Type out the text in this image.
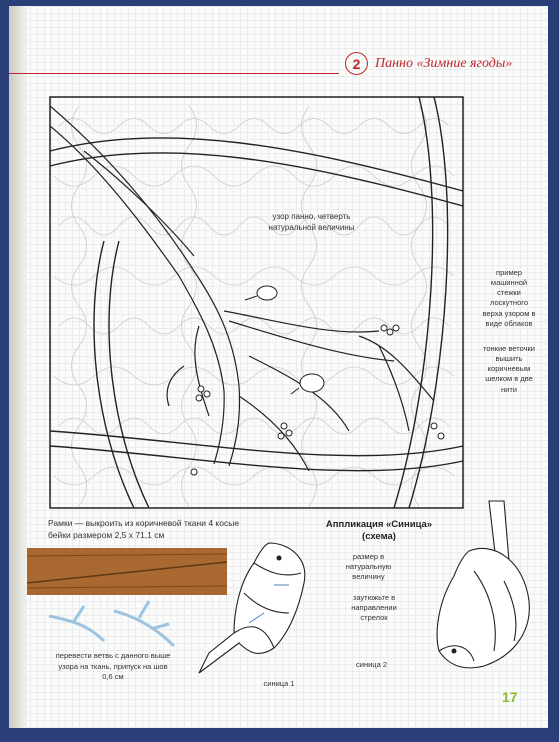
2	Панно «Зимние ягоды»
узор панно, четверть натуральной величины
пример машинной стежки лоскутного верха узором в виде облаков
тонкие веточки вышить коричневым шелком в две нити
Рамки — выкроить из коричневой ткани 4 косые бейки размером 2,5 х 71,1 см
перевести ветвь с данного выше узора на ткань, припуск на шов 0,6 см
Аппликация «Синица» (схема)
размер в натуральную величину
заутюжьте в направлении стрелок
синица 1
синица 2
17
